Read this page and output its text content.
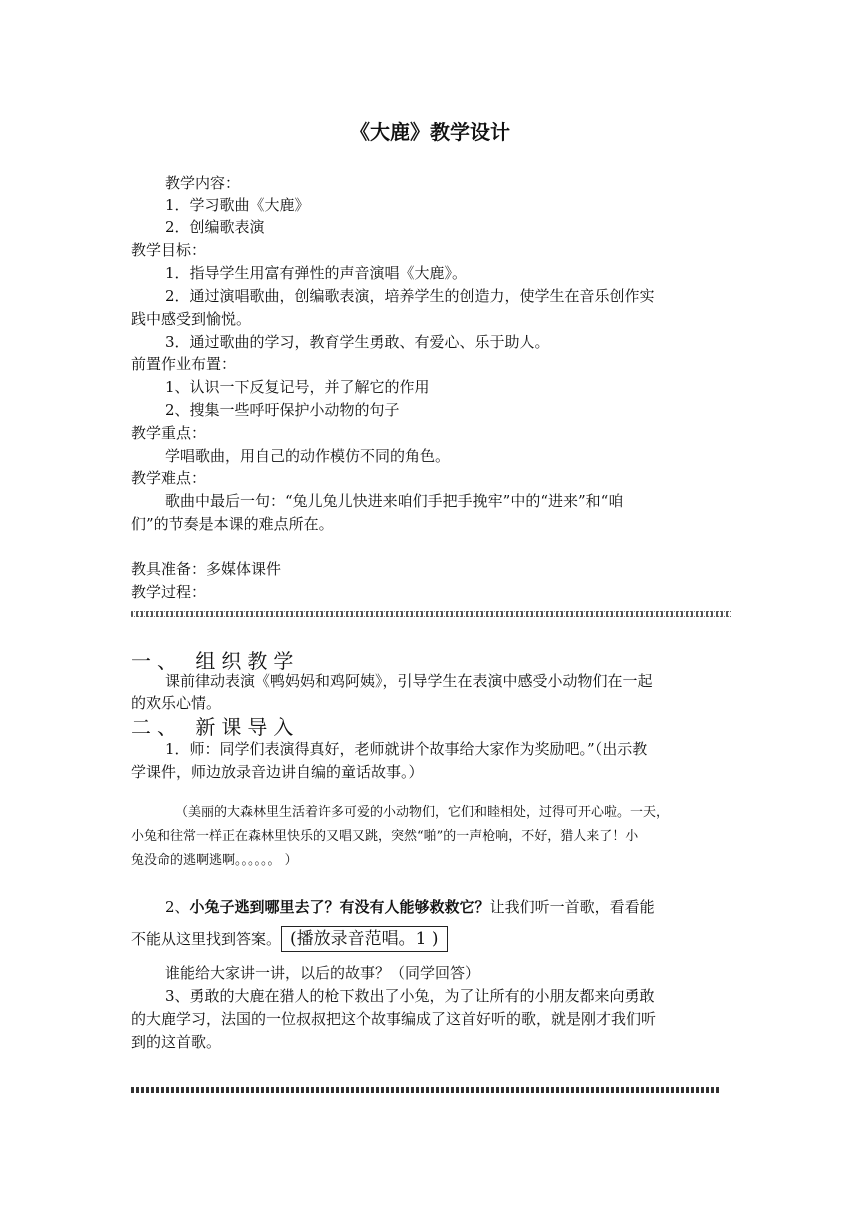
《大鹿》教学设计
教学内容：
1．学习歌曲《大鹿》
2．创编歌表演
教学目标：
1．指导学生用富有弹性的声音演唱《大鹿》。
2．通过演唱歌曲，创编歌表演，培养学生的创造力，使学生在音乐创作实
践中感受到愉悦。
3．通过歌曲的学习，教育学生勇敢、有爱心、乐于助人。
前置作业布置：
1、认识一下反复记号，并了解它的作用
2、搜集一些呼吁保护小动物的句子
教学重点：
学唱歌曲，用自己的动作模仿不同的角色。
教学难点：
歌曲中最后一句：“兔儿兔儿快进来咱们手把手挽牢”中的“进来”和“咱
们”的节奏是本课的难点所在。
教具准备：多媒体课件
教学过程：
一、 组织教学
课前律动表演《鸭妈妈和鸡阿姨》，引导学生在表演中感受小动物们在一起
的欢乐心情。
二、 新课导入
1．师：同学们表演得真好，老师就讲个故事给大家作为奖励吧。”（出示教
学课件，师边放录音边讲自编的童话故事。）
（美丽的大森林里生活着许多可爱的小动物们，它们和睦相处，过得可开心啦。一天，
小兔和往常一样正在森林里快乐的又唱又跳，突然“啪”的一声枪响，不好，猎人来了！小
兔没命的逃啊逃啊。。。。。。 ）
2、小兔子逃到哪里去了？有没有人能够救救它？让我们听一首歌，看看能
不能从这里找到答案。 (播放录音范唱。1 )
谁能给大家讲一讲，以后的故事？（同学回答）
3、勇敢的大鹿在猎人的枪下救出了小兔，为了让所有的小朋友都来向勇敢
的大鹿学习，法国的一位叔叔把这个故事编成了这首好听的歌，就是刚才我们听
到的这首歌。
